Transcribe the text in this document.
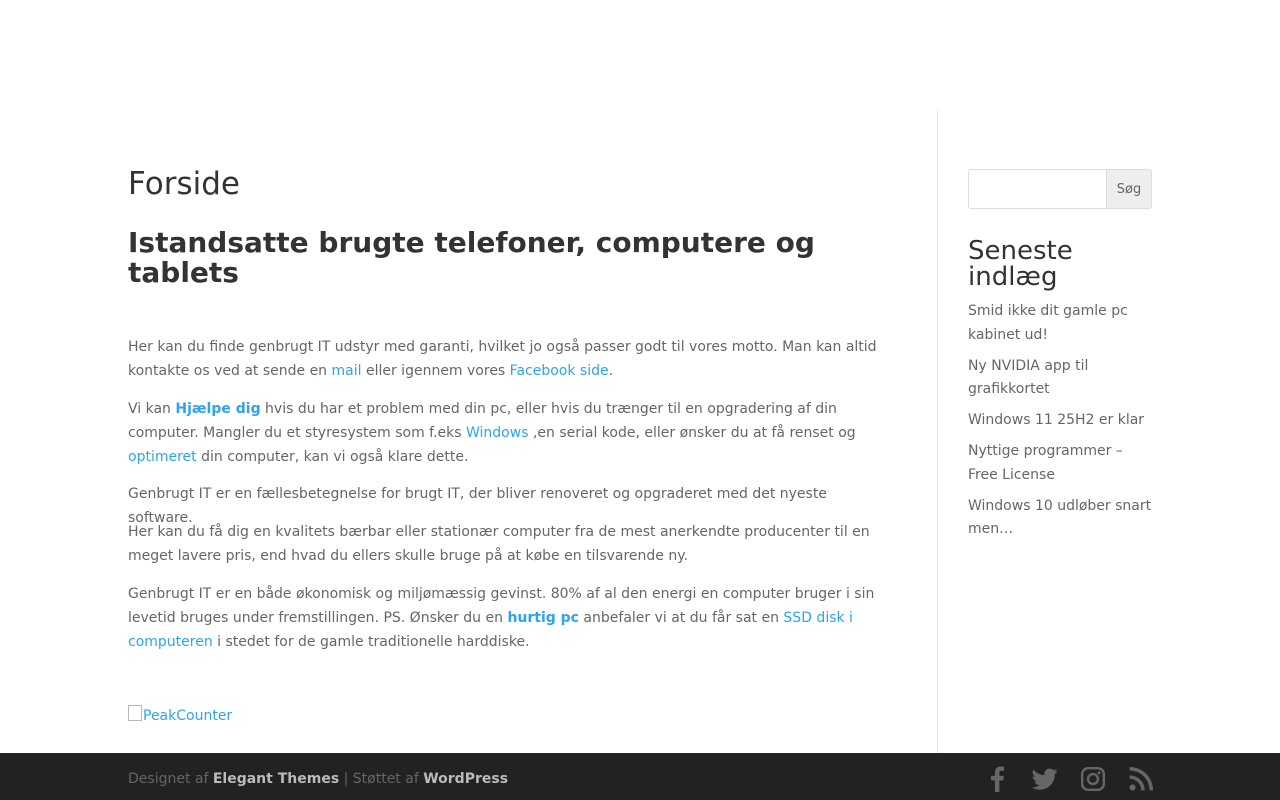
Forside
Istandsatte brugte telefoner, computere og tablets

Her kan du finde genbrugt IT udstyr med garanti, hvilket jo også passer godt til vores motto. Man kan altid kontakte os ved at sende en mail eller igennem vores Facebook side.

Vi kan Hjælpe dig hvis du har et problem med din pc, eller hvis du trænger til en opgradering af din computer. Mangler du et styresystem som f.eks Windows ,en serial kode, eller ønsker du at få renset og optimeret din computer, kan vi også klare dette.

Genbrugt IT er en fællesbetegnelse for brugt IT, der bliver renoveret og opgraderet med det nyeste software.

Her kan du få dig en kvalitets bærbar eller stationær computer fra de mest anerkendte producenter til en meget lavere pris, end hvad du ellers skulle bruge på at købe en tilsvarende ny.

Genbrugt IT er en både økonomisk og miljømæssig gevinst. 80% af al den energi en computer bruger i sin levetid bruges under fremstillingen. PS. Ønsker du en hurtig pc anbefaler vi at du får sat en SSD disk i computeren i stedet for de gamle traditionelle harddiske.

PeakCounter
Søg
Seneste indlæg
Smid ikke dit gamle pc kabinet ud!
Ny NVIDIA app til grafikkortet
Windows 11 25H2 er klar
Nyttige programmer – Free License
Windows 10 udløber snart men…
Designet af Elegant Themes | Støttet af WordPress
